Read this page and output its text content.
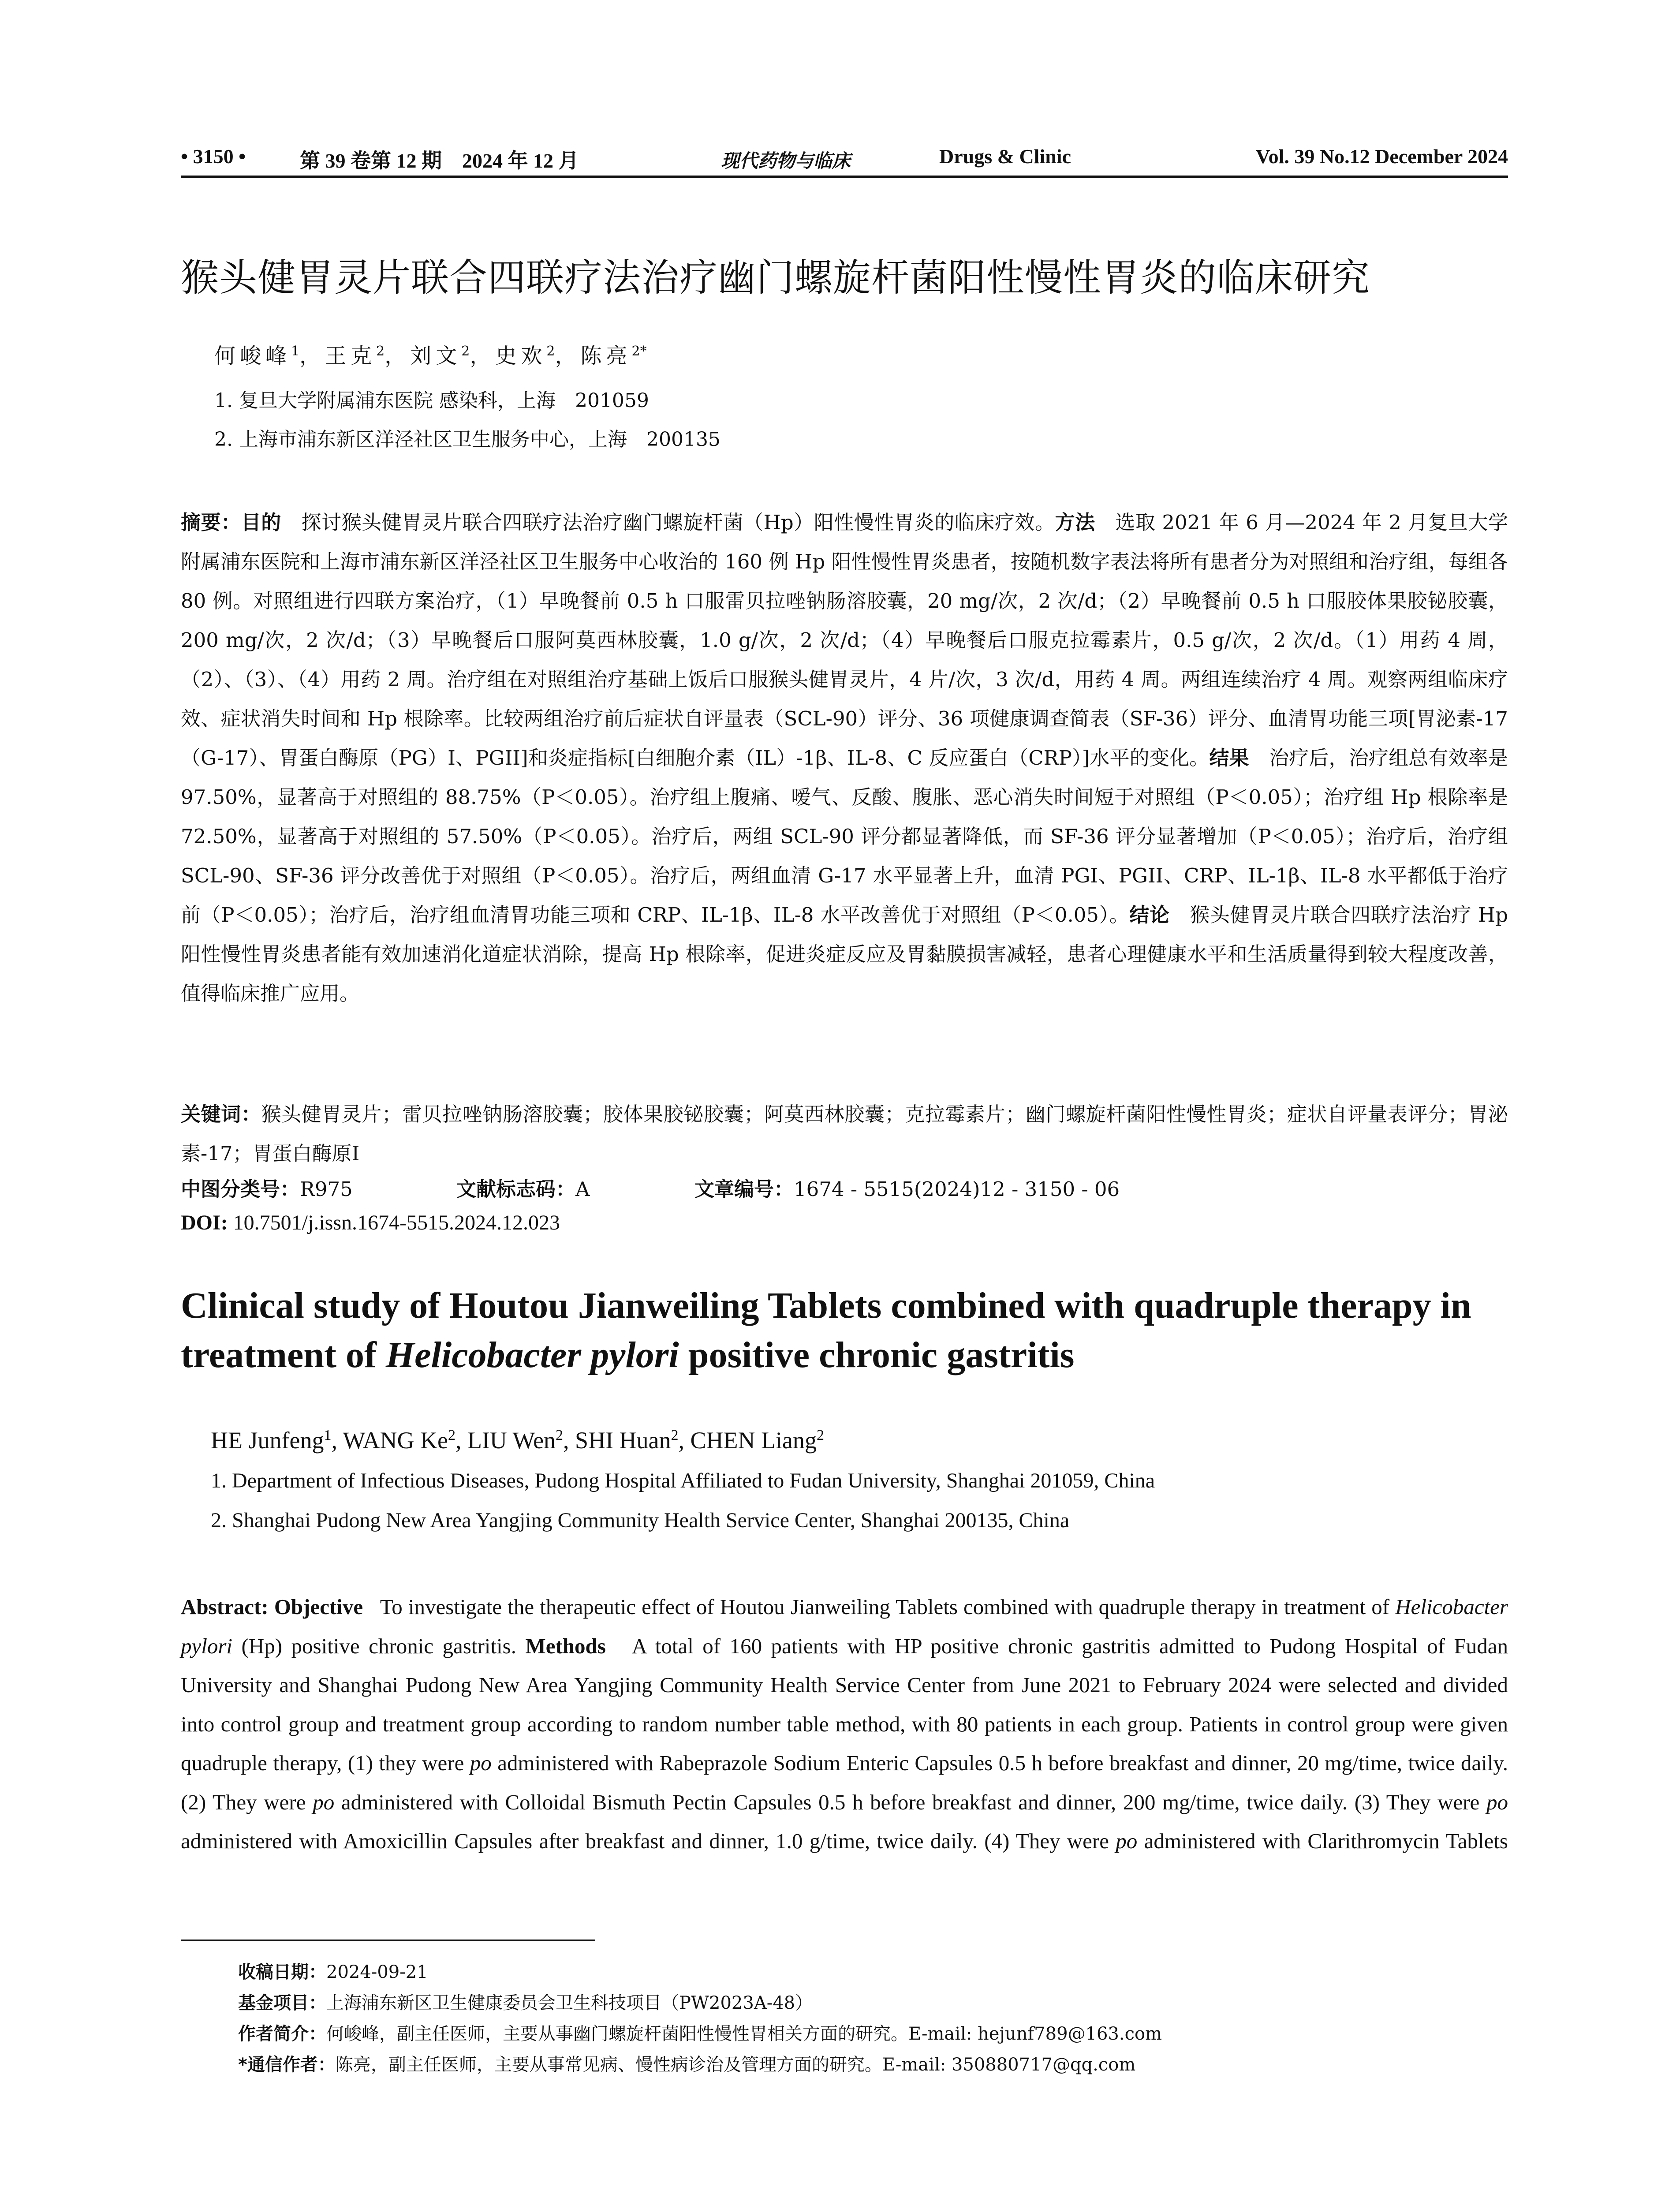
• 3150 •	第 39 卷第 12 期　2024 年 12 月	现代药物与临床	Drugs & Clinic	Vol. 39 No.12 December 2024
猴头健胃灵片联合四联疗法治疗幽门螺旋杆菌阳性慢性胃炎的临床研究
何峻峰$^1$，王克$^2$，刘文$^2$，史欢$^2$，陈亮$^{2*}$
1. 复旦大学附属浦东医院 感染科，上海　201059
2. 上海市浦东新区洋泾社区卫生服务中心，上海　200135
摘要：目的　 探讨猴头健胃灵片联合四联疗法治疗幽门螺旋杆菌（Hp）阳性慢性胃炎的临床疗效。方法　 选取 2021 年 6 月—2024 年 2 月复旦大学附属浦东医院和上海市浦东新区洋泾社区卫生服务中心收治的 160 例 Hp 阳性慢性胃炎患者，按随机数字表法将所有患者分为对照组和治疗组，每组各 80 例。对照组进行四联方案治疗，（1）早晚餐前 0.5 h 口服雷贝拉唑钠肠溶胶囊，20 mg/次，2 次/d；（2）早晚餐前 0.5 h 口服胶体果胶铋胶囊，200 mg/次，2 次/d；（3）早晚餐后口服阿莫西林胶囊，1.0 g/次，2 次/d；（4）早晚餐后口服克拉霉素片，0.5 g/次，2 次/d。（1）用药 4 周，（2）、（3）、（4）用药 2 周。治疗组在对照组治疗基础上饭后口服猴头健胃灵片，4 片/次，3 次/d，用药 4 周。两组连续治疗 4 周。观察两组临床疗效、症状消失时间和 Hp 根除率。比较两组治疗前后症状自评量表（SCL-90）评分、36 项健康调查简表（SF-36）评分、血清胃功能三项[胃泌素-17（G-17）、胃蛋白酶原（PG）I、PGII]和炎症指标[白细胞介素（IL）-1β、IL-8、C 反应蛋白（CRP）]水平的变化。结果　 治疗后，治疗组总有效率是 97.50%，显著高于对照组的 88.75%（P＜0.05）。治疗组上腹痛、嗳气、反酸、腹胀、恶心消失时间短于对照组（P＜0.05）；治疗组 Hp 根除率是 72.50%，显著高于对照组的 57.50%（P＜0.05）。治疗后，两组 SCL-90 评分都显著降低，而 SF-36 评分显著增加（P＜0.05）；治疗后，治疗组 SCL-90、SF-36 评分改善优于对照组（P＜0.05）。治疗后，两组血清 G-17 水平显著上升，血清 PGI、PGII、CRP、IL-1β、IL-8 水平都低于治疗前（P＜0.05）；治疗后，治疗组血清胃功能三项和 CRP、IL-1β、IL-8 水平改善优于对照组（P＜0.05）。结论　 猴头健胃灵片联合四联疗法治疗 Hp 阳性慢性胃炎患者能有效加速消化道症状消除，提高 Hp 根除率，促进炎症反应及胃黏膜损害减轻，患者心理健康水平和生活质量得到较大程度改善，值得临床推广应用。
关键词：猴头健胃灵片；雷贝拉唑钠肠溶胶囊；胶体果胶铋胶囊；阿莫西林胶囊；克拉霉素片；幽门螺旋杆菌阳性慢性胃炎；症状自评量表评分；胃泌素-17；胃蛋白酶原I
中图分类号：R975	文献标志码：A	文章编号：1674 - 5515(2024)12 - 3150 - 06
DOI: 10.7501/j.issn.1674-5515.2024.12.023
Clinical study of Houtou Jianweiling Tablets combined with quadruple therapy in treatment of Helicobacter pylori positive chronic gastritis
HE Junfeng$^1$, WANG Ke$^2$, LIU Wen$^2$, SHI Huan$^2$, CHEN Liang$^2$
1. Department of Infectious Diseases, Pudong Hospital Affiliated to Fudan University, Shanghai 201059, China
2. Shanghai Pudong New Area Yangjing Community Health Service Center, Shanghai 200135, China
Abstract: Objective To investigate the therapeutic effect of Houtou Jianweiling Tablets combined with quadruple therapy in treatment of Helicobacter pylori (Hp) positive chronic gastritis. Methods A total of 160 patients with HP positive chronic gastritis admitted to Pudong Hospital of Fudan University and Shanghai Pudong New Area Yangjing Community Health Service Center from June 2021 to February 2024 were selected and divided into control group and treatment group according to random number table method, with 80 patients in each group. Patients in control group were given quadruple therapy, (1) they were po administered with Rabeprazole Sodium Enteric Capsules 0.5 h before breakfast and dinner, 20 mg/time, twice daily. (2) They were po administered with Colloidal Bismuth Pectin Capsules 0.5 h before breakfast and dinner, 200 mg/time, twice daily. (3) They were po administered with Amoxicillin Capsules after breakfast and dinner, 1.0 g/time, twice daily. (4) They were po administered with Clarithromycin Tablets
收稿日期：2024-09-21
基金项目：上海浦东新区卫生健康委员会卫生科技项目（PW2023A-48）
作者简介：何峻峰，副主任医师，主要从事幽门螺旋杆菌阳性慢性胃相关方面的研究。E-mail: hejunf789@163.com
*通信作者：陈亮，副主任医师，主要从事常见病、慢性病诊治及管理方面的研究。E-mail: 350880717@qq.com
